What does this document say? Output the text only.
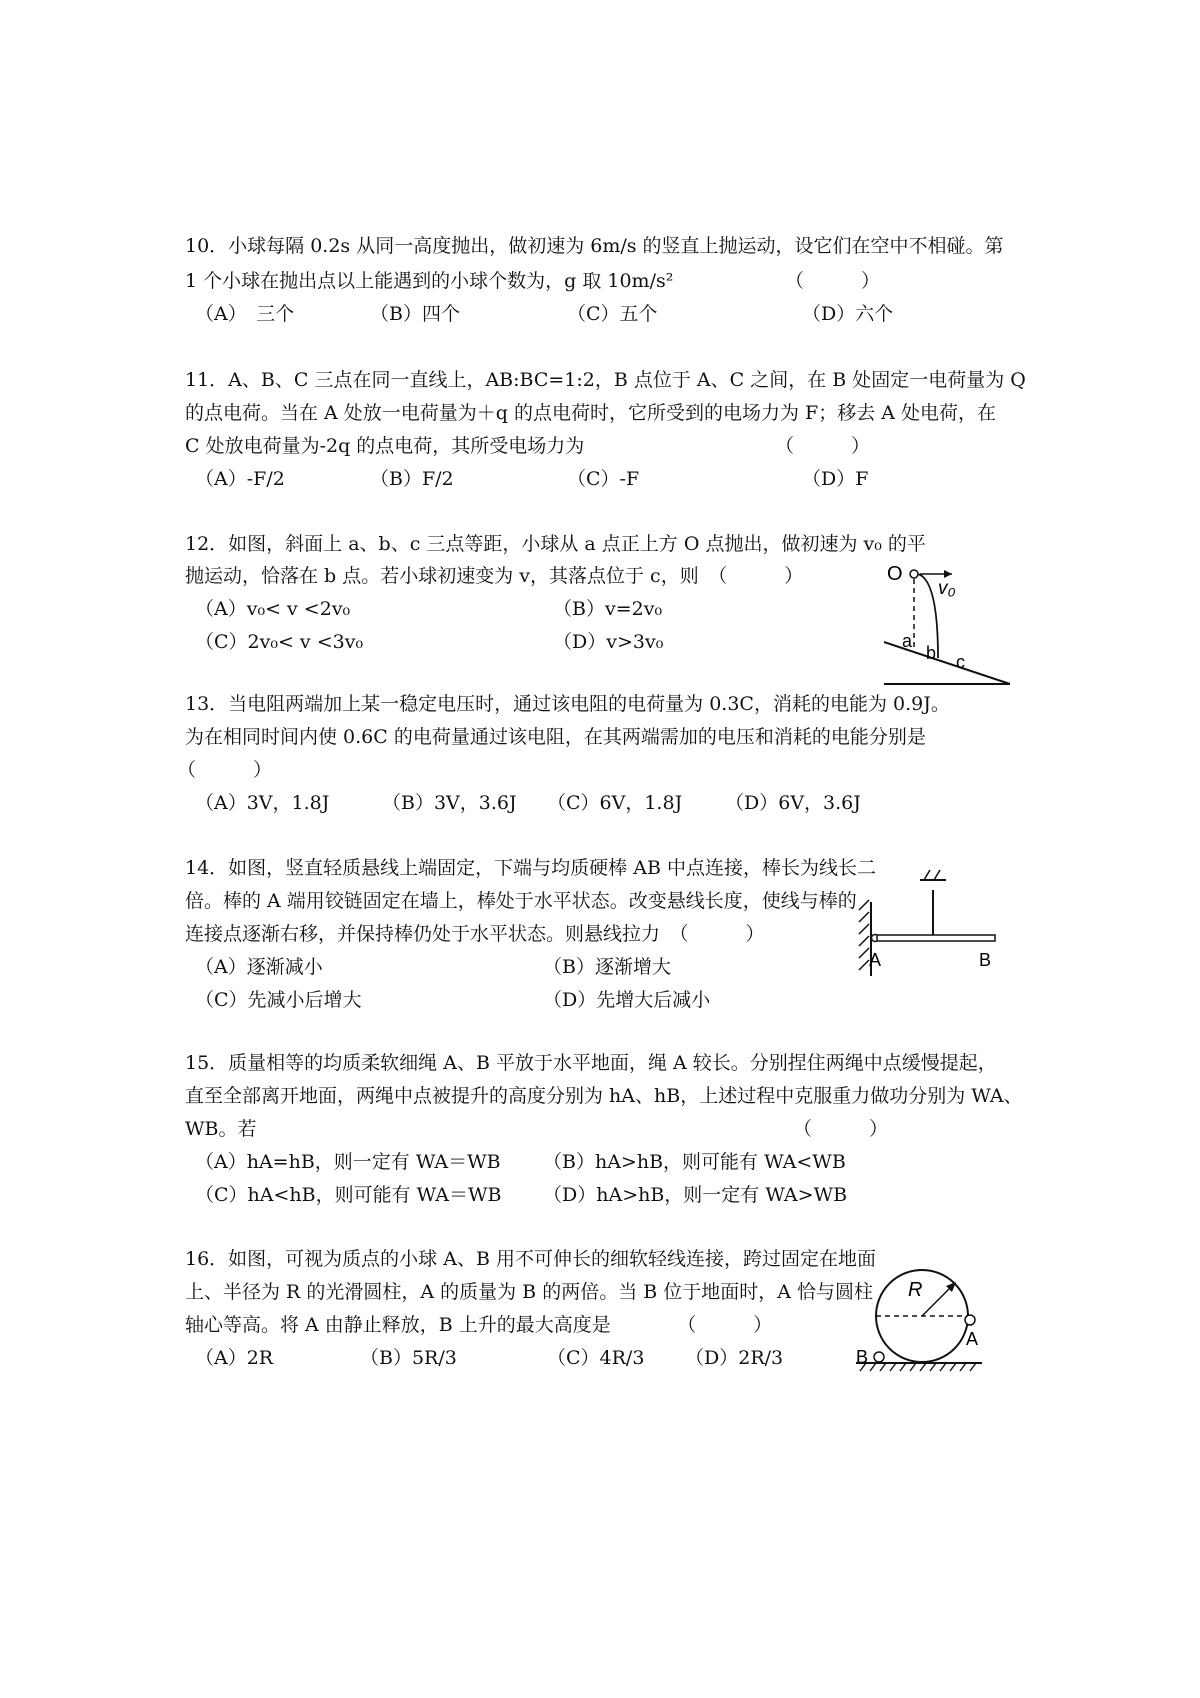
10．小球每隔 0.2s 从同一高度抛出，做初速为 6m/s 的竖直上抛运动，设它们在空中不相碰。第
1 个小球在抛出点以上能遇到的小球个数为，g 取 10m/s²	（　　　）
（A）　三个	（B）四个	（C）五个	（D）六个
11．A、B、C 三点在同一直线上，AB:BC=1:2，B 点位于 A、C 之间，在 B 处固定一电荷量为 Q
的点电荷。当在 A 处放一电荷量为＋q 的点电荷时，它所受到的电场力为 F；移去 A 处电荷，在
C 处放电荷量为-2q 的点电荷，其所受电场力为	（　　　）
（A）-F/2	（B）F/2	（C）-F	（D）F
12．如图，斜面上 a、b、c 三点等距，小球从 a 点正上方 O 点抛出，做初速为 v₀ 的平
抛运动，恰落在 b 点。若小球初速变为 v，其落点位于 c，则　（　　　）
（A）v₀< v <2v₀	（B）v=2v₀
（C）2v₀< v <3v₀	（D）v>3v₀
O
v₀
a
b c
13．当电阻两端加上某一稳定电压时，通过该电阻的电荷量为 0.3C，消耗的电能为 0.9J。
为在相同时间内使 0.6C 的电荷量通过该电阻，在其两端需加的电压和消耗的电能分别是
（　　　）
（A）3V，1.8J	（B）3V，3.6J （C）6V，1.8J （D）6V，3.6J
14．如图，竖直轻质悬线上端固定，下端与均质硬棒 AB 中点连接，棒长为线长二
倍。棒的 A 端用铰链固定在墙上，棒处于水平状态。改变悬线长度，使线与棒的
连接点逐渐右移，并保持棒仍处于水平状态。则悬线拉力　（　　　）
（A）逐渐减小	（B）逐渐增大
（C）先减小后增大	（D）先增大后减小
A	B
15．质量相等的均质柔软细绳 A、B 平放于水平地面，绳 A 较长。分别捏住两绳中点缓慢提起，
直至全部离开地面，两绳中点被提升的高度分别为 hA、hB，上述过程中克服重力做功分别为 WA、
WB。若	（　　　）
（A）hA=hB，则一定有 WA＝WB （B）hA>hB，则可能有 WA<WB
（C）hA<hB，则可能有 WA＝WB （D）hA>hB，则一定有 WA>WB
16．如图，可视为质点的小球 A、B 用不可伸长的细软轻线连接，跨过固定在地面
上、半径为 R 的光滑圆柱，A 的质量为 B 的两倍。当 B 位于地面时，A 恰与圆柱
轴心等高。将 A 由静止释放，B 上升的最大高度是　　　　（　　　）
（A）2R	（B）5R/3	（C）4R/3 （D）2R/3
R
A
B
